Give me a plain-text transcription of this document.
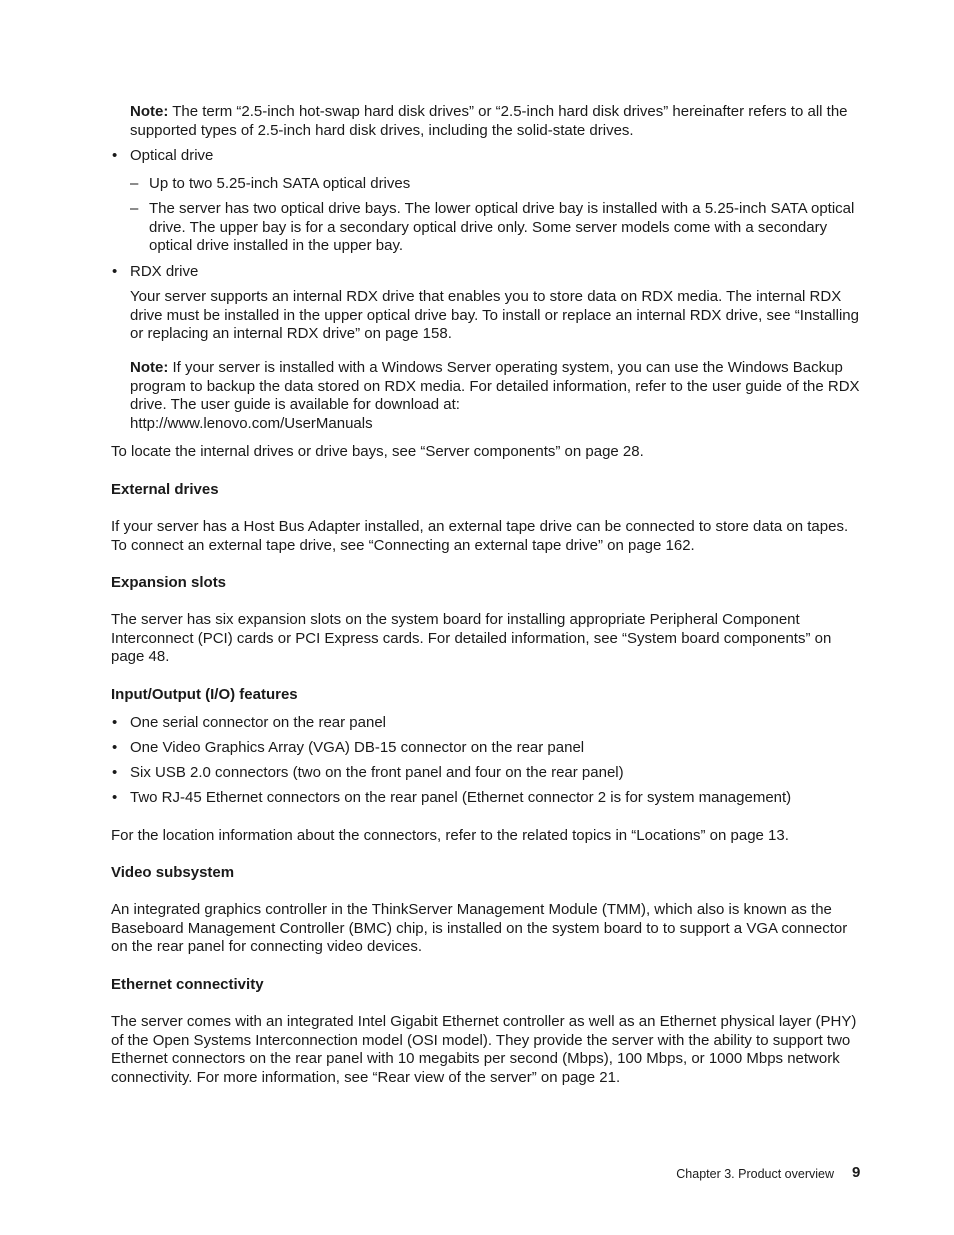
Note: The term “2.5-inch hot-swap hard disk drives” or “2.5-inch hard disk drives” hereinafter refers to all the supported types of 2.5-inch hard disk drives, including the solid-state drives.

• Optical drive

– Up to two 5.25-inch SATA optical drives

– The server has two optical drive bays. The lower optical drive bay is installed with a 5.25-inch SATA optical drive. The upper bay is for a secondary optical drive only. Some server models come with a secondary optical drive installed in the upper bay.

• RDX drive

Your server supports an internal RDX drive that enables you to store data on RDX media. The internal RDX drive must be installed in the upper optical drive bay. To install or replace an internal RDX drive, see “Installing or replacing an internal RDX drive” on page 158.

Note: If your server is installed with a Windows Server operating system, you can use the Windows Backup program to backup the data stored on RDX media. For detailed information, refer to the user guide of the RDX drive. The user guide is available for download at:
http://www.lenovo.com/UserManuals

To locate the internal drives or drive bays, see “Server components” on page 28.

External drives

If your server has a Host Bus Adapter installed, an external tape drive can be connected to store data on tapes. To connect an external tape drive, see “Connecting an external tape drive” on page 162.

Expansion slots

The server has six expansion slots on the system board for installing appropriate Peripheral Component Interconnect (PCI) cards or PCI Express cards. For detailed information, see “System board components” on page 48.

Input/Output (I/O) features
• One serial connector on the rear panel

• One Video Graphics Array (VGA) DB-15 connector on the rear panel

• Six USB 2.0 connectors (two on the front panel and four on the rear panel)

• Two RJ-45 Ethernet connectors on the rear panel (Ethernet connector 2 is for system management)

For the location information about the connectors, refer to the related topics in “Locations” on page 13.

Video subsystem

An integrated graphics controller in the ThinkServer Management Module (TMM), which also is known as the Baseboard Management Controller (BMC) chip, is installed on the system board to to support a VGA connector on the rear panel for connecting video devices.

Ethernet connectivity

The server comes with an integrated Intel Gigabit Ethernet controller as well as an Ethernet physical layer (PHY) of the Open Systems Interconnection model (OSI model). They provide the server with the ability to support two Ethernet connectors on the rear panel with 10 megabits per second (Mbps), 100 Mbps, or 1000 Mbps network connectivity. For more information, see “Rear view of the server” on page 21.

Chapter 3. Product overview 9
